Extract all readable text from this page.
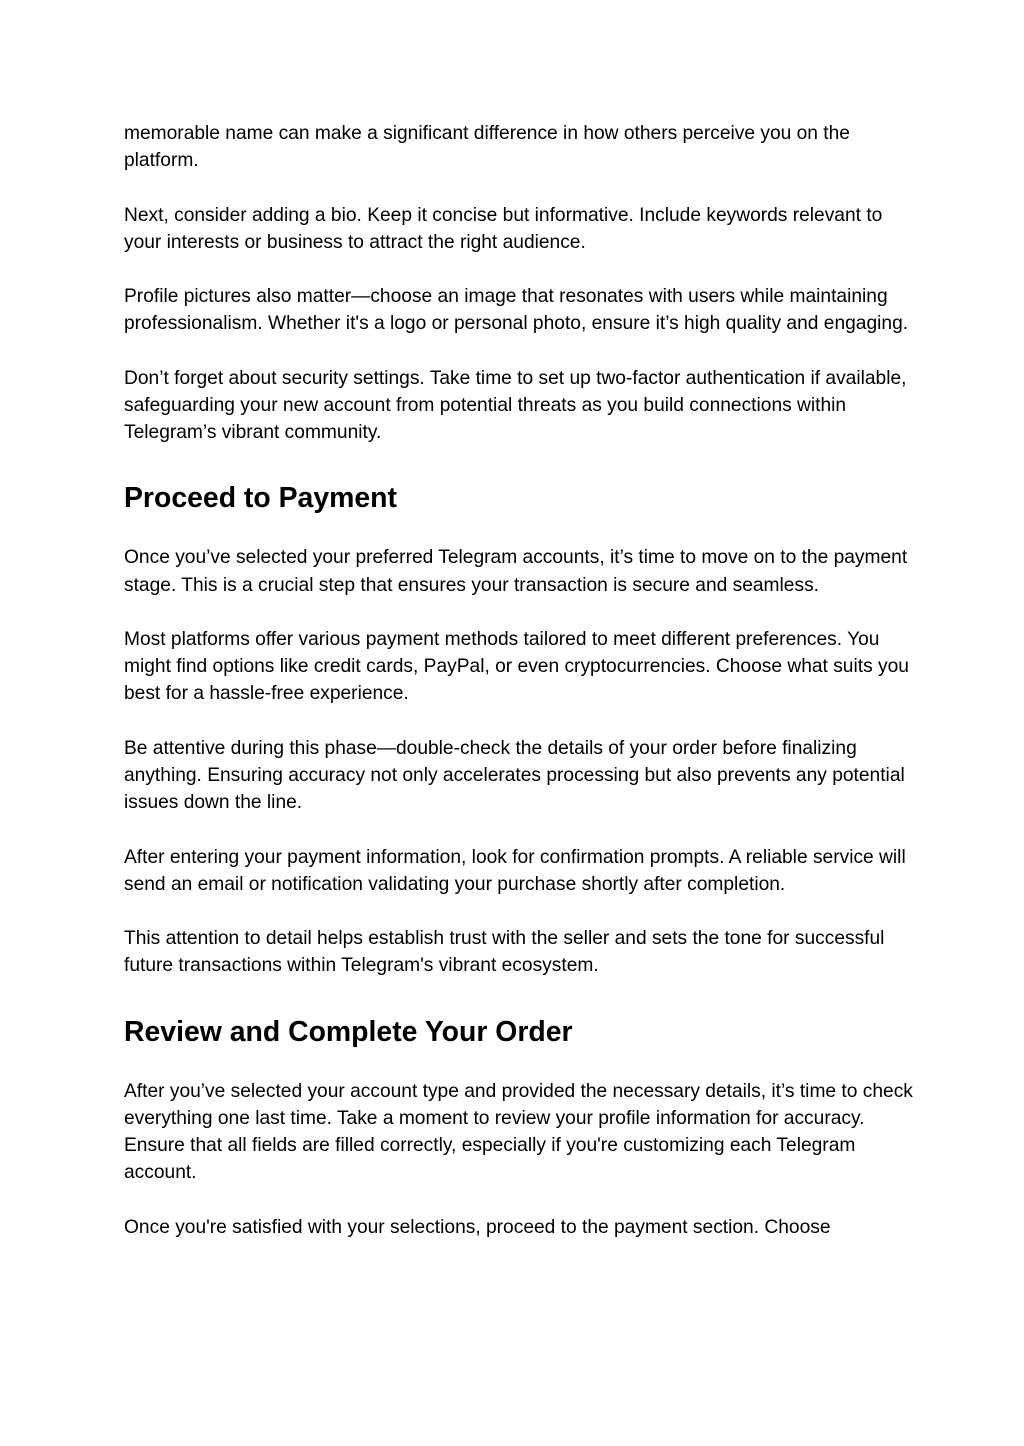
memorable name can make a significant difference in how others perceive you on the platform.

Next, consider adding a bio. Keep it concise but informative. Include keywords relevant to your interests or business to attract the right audience.

Profile pictures also matter—choose an image that resonates with users while maintaining professionalism. Whether it's a logo or personal photo, ensure it’s high quality and engaging.

Don’t forget about security settings. Take time to set up two-factor authentication if available, safeguarding your new account from potential threats as you build connections within Telegram’s vibrant community.

Proceed to Payment

Once you’ve selected your preferred Telegram accounts, it’s time to move on to the payment stage. This is a crucial step that ensures your transaction is secure and seamless.

Most platforms offer various payment methods tailored to meet different preferences. You might find options like credit cards, PayPal, or even cryptocurrencies. Choose what suits you best for a hassle-free experience.

Be attentive during this phase—double-check the details of your order before finalizing anything. Ensuring accuracy not only accelerates processing but also prevents any potential issues down the line.

After entering your payment information, look for confirmation prompts. A reliable service will send an email or notification validating your purchase shortly after completion.

This attention to detail helps establish trust with the seller and sets the tone for successful future transactions within Telegram's vibrant ecosystem.

Review and Complete Your Order

After you’ve selected your account type and provided the necessary details, it’s time to check everything one last time. Take a moment to review your profile information for accuracy. Ensure that all fields are filled correctly, especially if you're customizing each Telegram account.

Once you're satisfied with your selections, proceed to the payment section. Choose
